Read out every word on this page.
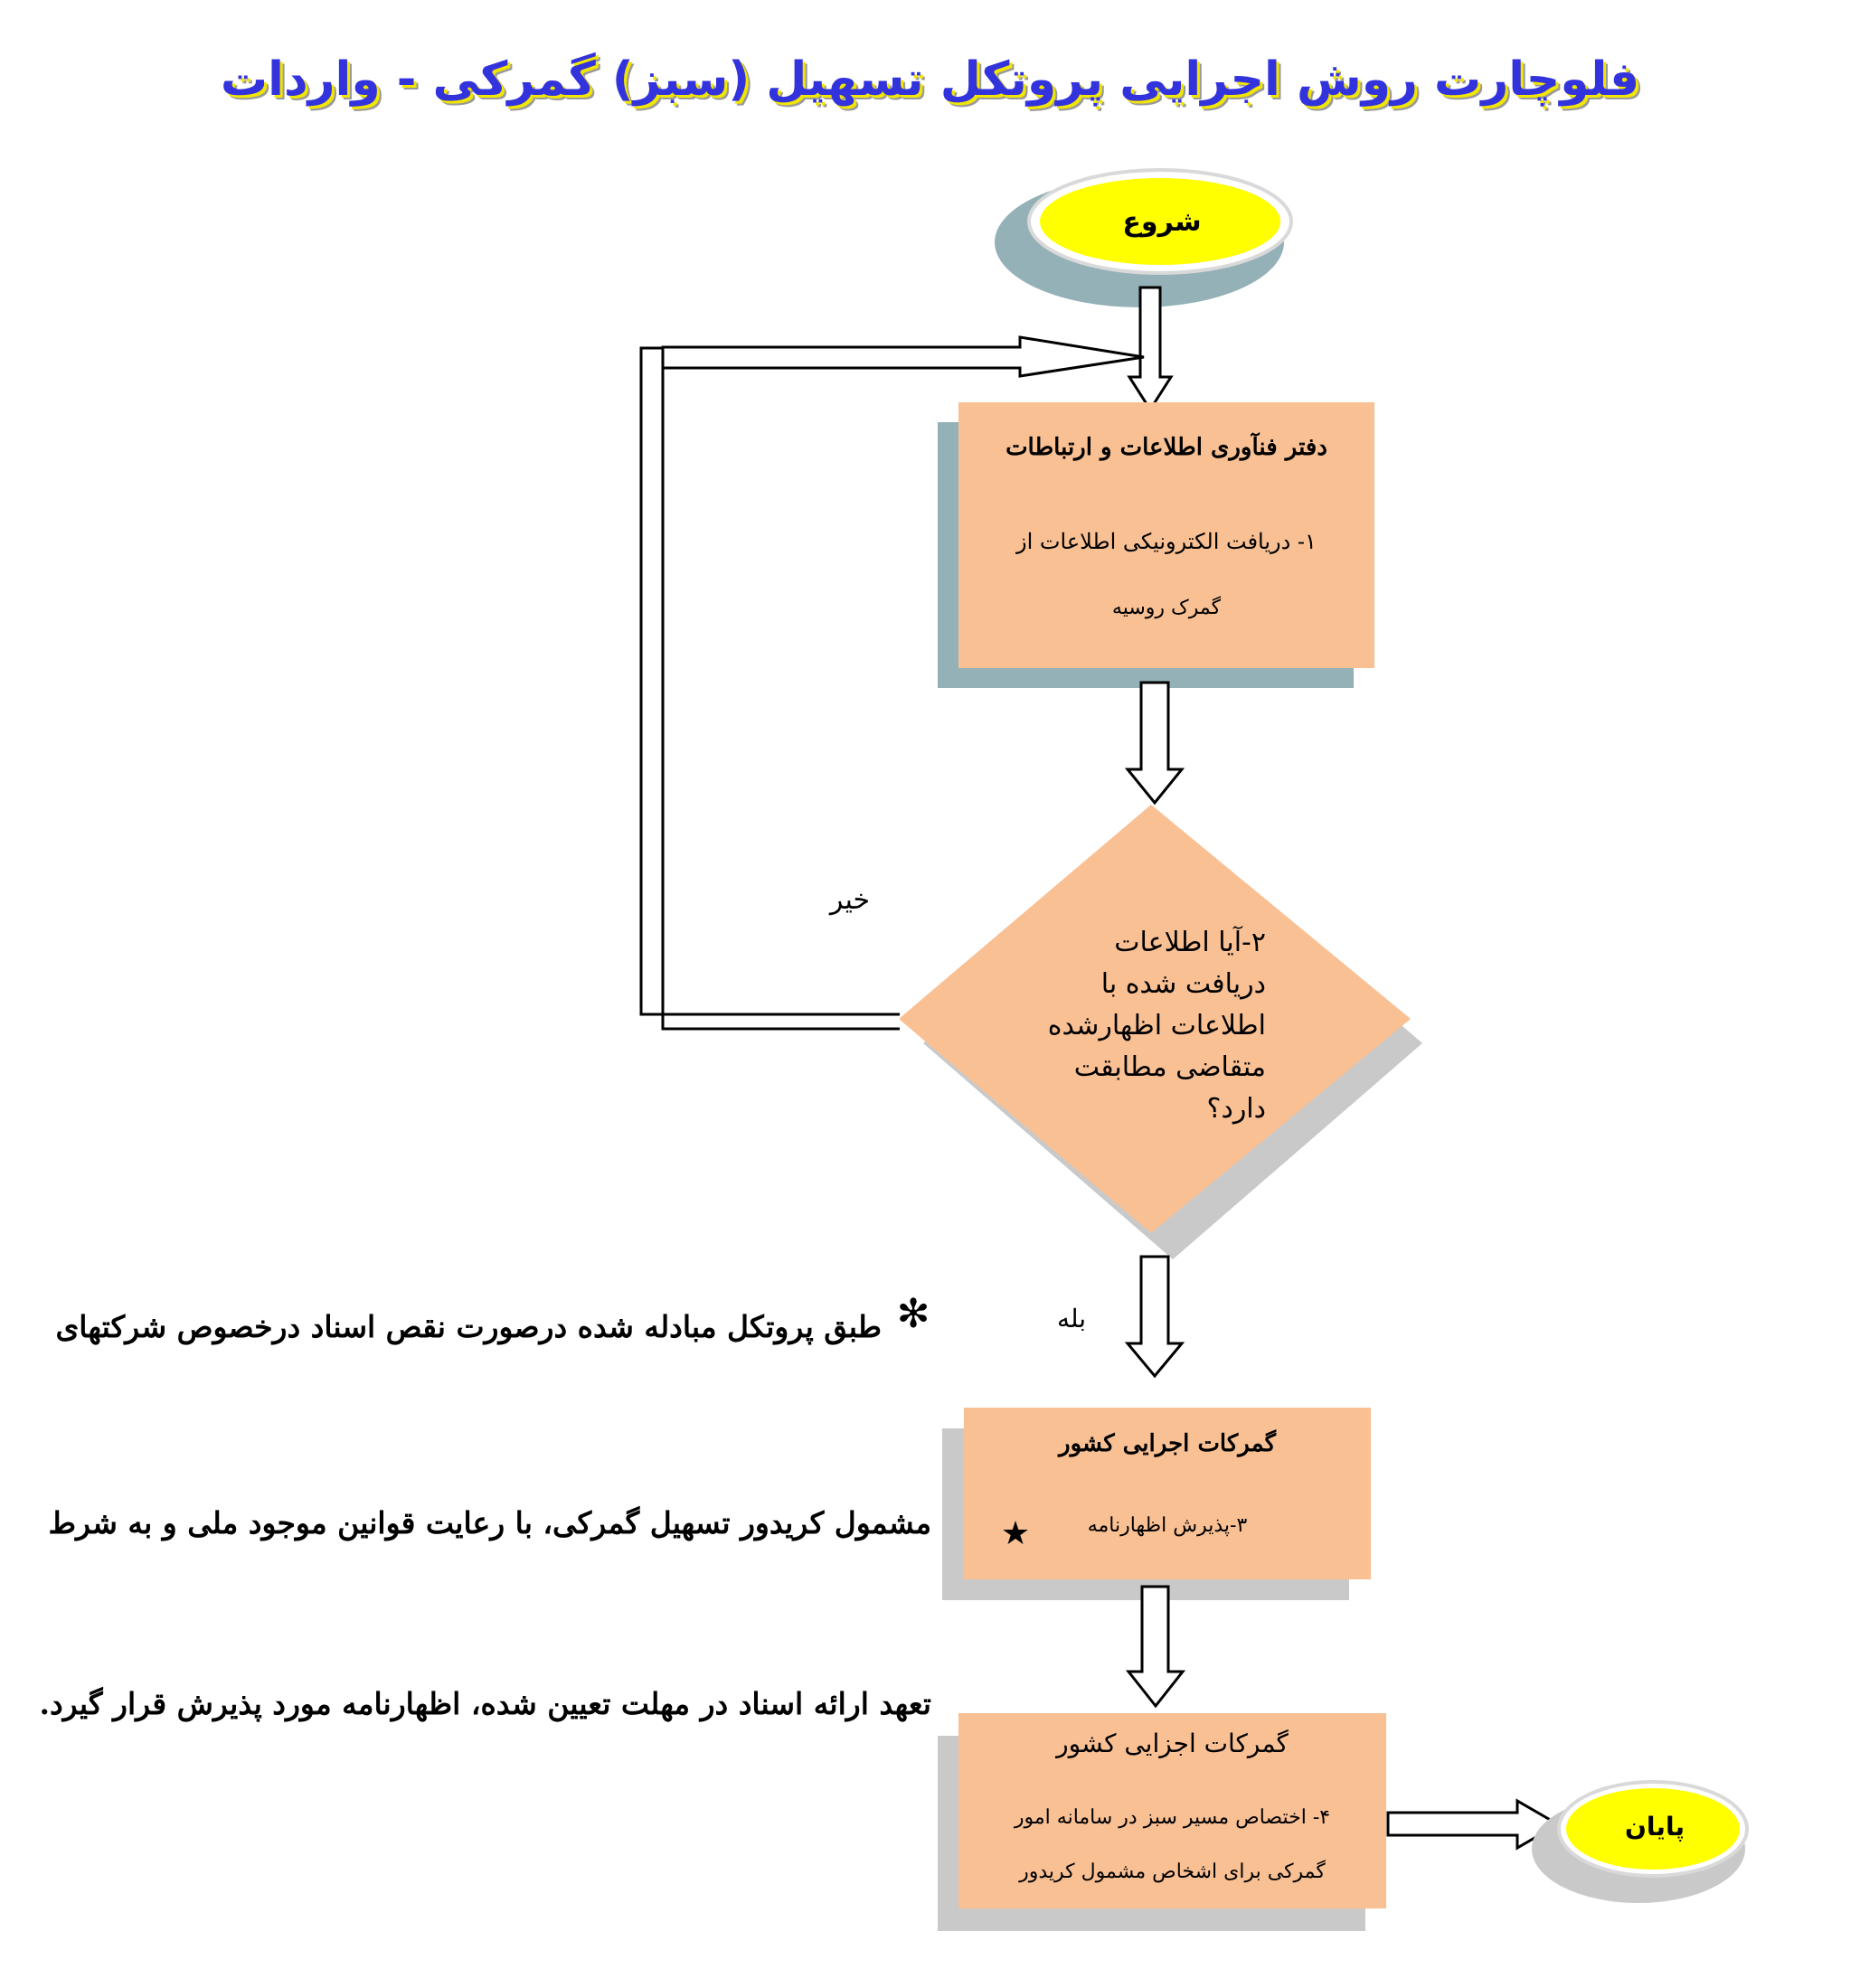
فلوچارت روش اجرایی پروتکل تسهیل (سبز) گمرکی - واردات
شروع
دفتر فنآوری اطلاعات و ارتباطات
۱- دریافت الکترونیکی اطلاعات از
گمرک روسیه
۲-آیا اطلاعات
دریافت شده با
اطلاعات اظهارشده
متقاضی مطابقت
دارد؟
خیر
بله
گمرکات اجرایی کشور
۳-پذیرش اظهارنامه
★
گمرکات اجزایی کشور
۴- اختصاص مسیر سبز در سامانه امور
گمرکی برای اشخاص مشمول کریدور
پایان
✻
طبق پروتکل مبادله شده درصورت نقص اسناد درخصوص شرکتهای
مشمول کریدور تسهیل گمرکی، با رعایت قوانین موجود ملی و به شرط
تعهد ارائه اسناد در مهلت تعیین شده، اظهارنامه مورد پذیرش قرار گیرد.
